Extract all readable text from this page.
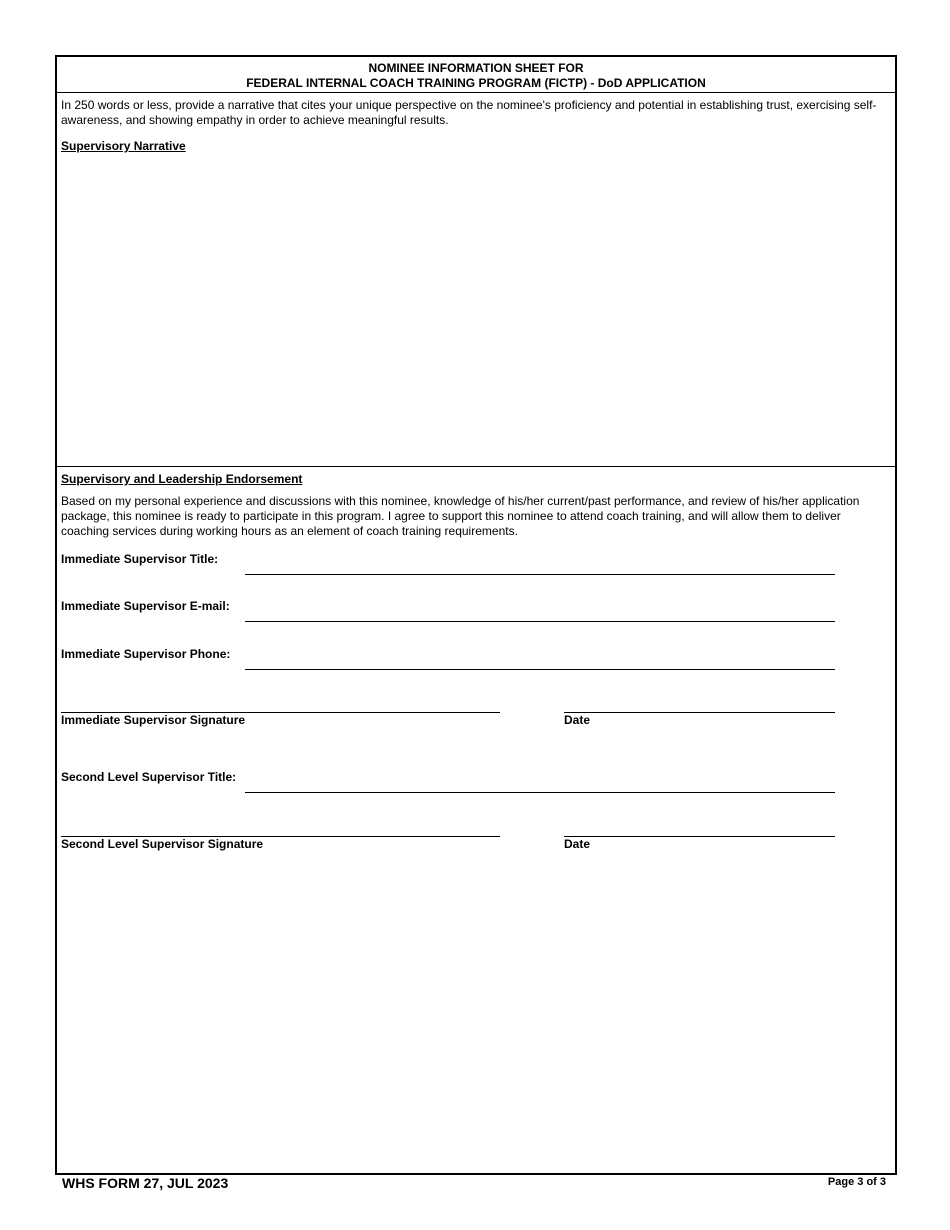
NOMINEE INFORMATION SHEET FOR
FEDERAL INTERNAL COACH TRAINING PROGRAM (FICTP) - DoD APPLICATION
In 250 words or less, provide a narrative that cites your unique perspective on the nominee's proficiency and potential in establishing trust, exercising self-awareness, and showing empathy in order to achieve meaningful results.
Supervisory Narrative
Supervisory and Leadership Endorsement
Based on my personal experience and discussions with this nominee, knowledge of his/her current/past performance, and review of his/her application package, this nominee is ready to participate in this program. I agree to support this nominee to attend coach training, and will allow them to deliver coaching services during working hours as an element of coach training requirements.
Immediate Supervisor Title:
Immediate Supervisor E-mail:
Immediate Supervisor Phone:
Immediate Supervisor Signature	Date
Second Level Supervisor Title:
Second Level Supervisor Signature	Date
WHS FORM 27, JUL 2023	Page 3 of 3
